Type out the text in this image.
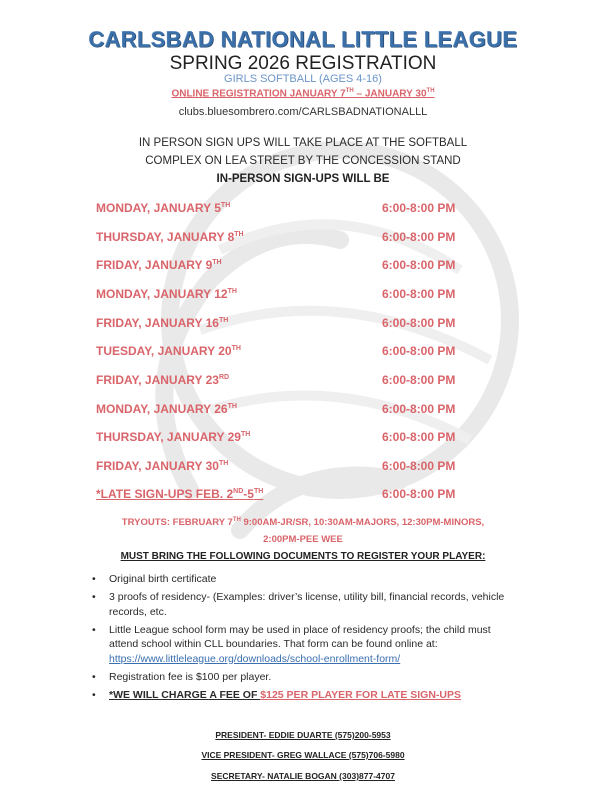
CARLSBAD NATIONAL LITTLE LEAGUE
SPRING 2026 REGISTRATION
GIRLS SOFTBALL (AGES 4-16)
ONLINE REGISTRATION JANUARY 7TH – JANUARY 30TH
clubs.bluesombrero.com/CARLSBADNATIONALLL
IN PERSON SIGN UPS WILL TAKE PLACE AT THE SOFTBALL
COMPLEX ON LEA STREET BY THE CONCESSION STAND
IN-PERSON SIGN-UPS WILL BE
MONDAY, JANUARY 5TH	6:00-8:00 PM
THURSDAY, JANUARY 8TH	6:00-8:00 PM
FRIDAY, JANUARY 9TH	6:00-8:00 PM
MONDAY, JANUARY 12TH	6:00-8:00 PM
FRIDAY, JANUARY 16TH	6:00-8:00 PM
TUESDAY, JANUARY 20TH	6:00-8:00 PM
FRIDAY, JANUARY 23RD	6:00-8:00 PM
MONDAY, JANUARY 26TH	6:00-8:00 PM
THURSDAY, JANUARY 29TH	6:00-8:00 PM
FRIDAY, JANUARY 30TH	6:00-8:00 PM
*LATE SIGN-UPS FEB. 2ND-5TH	6:00-8:00 PM
TRYOUTS: FEBRUARY 7TH 9:00AM-JR/SR, 10:30AM-MAJORS, 12:30PM-MINORS,
2:00PM-PEE WEE
MUST BRING THE FOLLOWING DOCUMENTS TO REGISTER YOUR PLAYER:
• Original birth certificate
• 3 proofs of residency- (Examples: driver’s license, utility bill, financial records, vehicle records, etc.
• Little League school form may be used in place of residency proofs; the child must attend school within CLL boundaries. That form can be found online at:
https://www.littleleague.org/downloads/school-enrollment-form/
• Registration fee is $100 per player.
• *WE WILL CHARGE A FEE OF $125 PER PLAYER FOR LATE SIGN-UPS
PRESIDENT- EDDIE DUARTE (575)200-5953
VICE PRESIDENT- GREG WALLACE (575)706-5980
SECRETARY- NATALIE BOGAN (303)877-4707
